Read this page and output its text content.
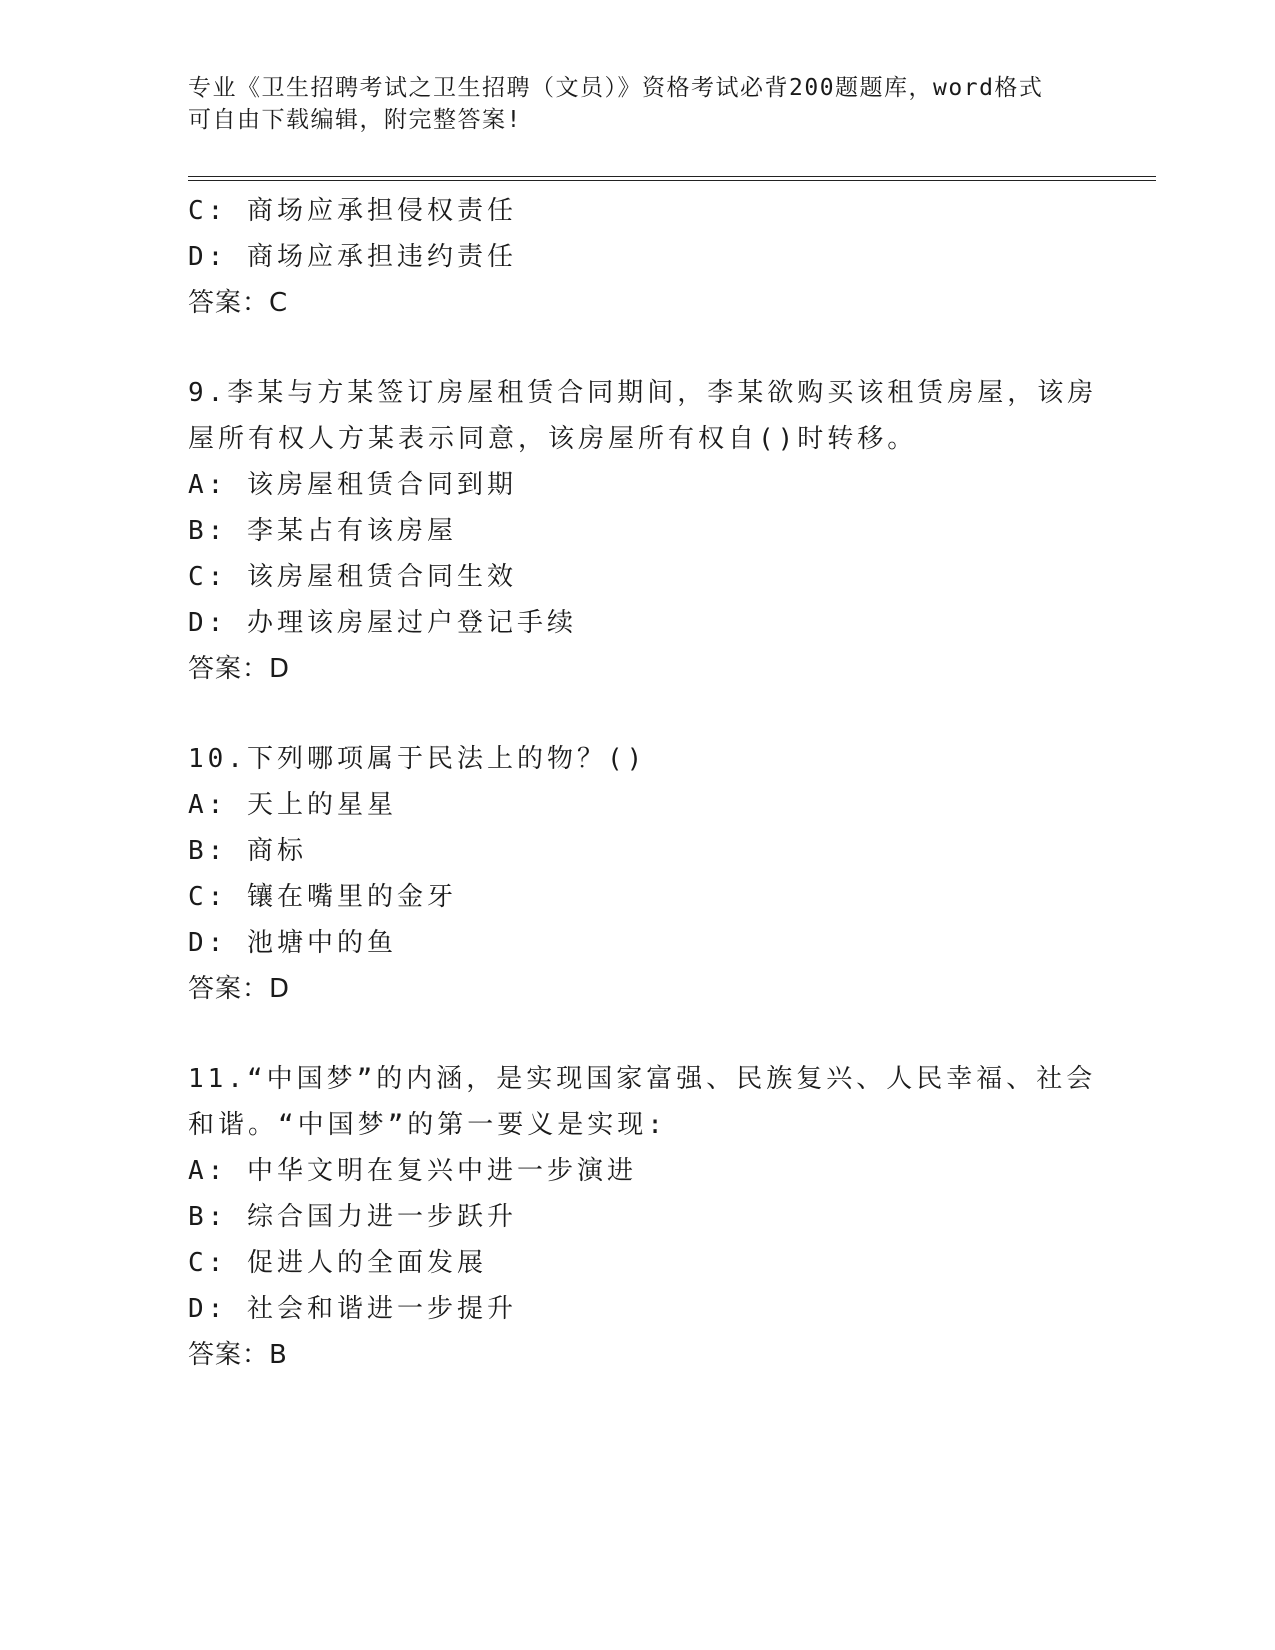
专业《卫生招聘考试之卫生招聘（文员）》资格考试必背200题题库，word格式
可自由下载编辑，附完整答案!
C: 商场应承担侵权责任
D: 商场应承担违约责任
答案：C
9.李某与方某签订房屋租赁合同期间，李某欲购买该租赁房屋，该房
屋所有权人方某表示同意，该房屋所有权自()时转移。
A: 该房屋租赁合同到期
B: 李某占有该房屋
C: 该房屋租赁合同生效
D: 办理该房屋过户登记手续
答案：D
10.下列哪项属于民法上的物？()
A: 天上的星星
B: 商标
C: 镶在嘴里的金牙
D: 池塘中的鱼
答案：D
11.“中国梦”的内涵，是实现国家富强、民族复兴、人民幸福、社会
和谐。“中国梦”的第一要义是实现:
A: 中华文明在复兴中进一步演进
B: 综合国力进一步跃升
C: 促进人的全面发展
D: 社会和谐进一步提升
答案：B
